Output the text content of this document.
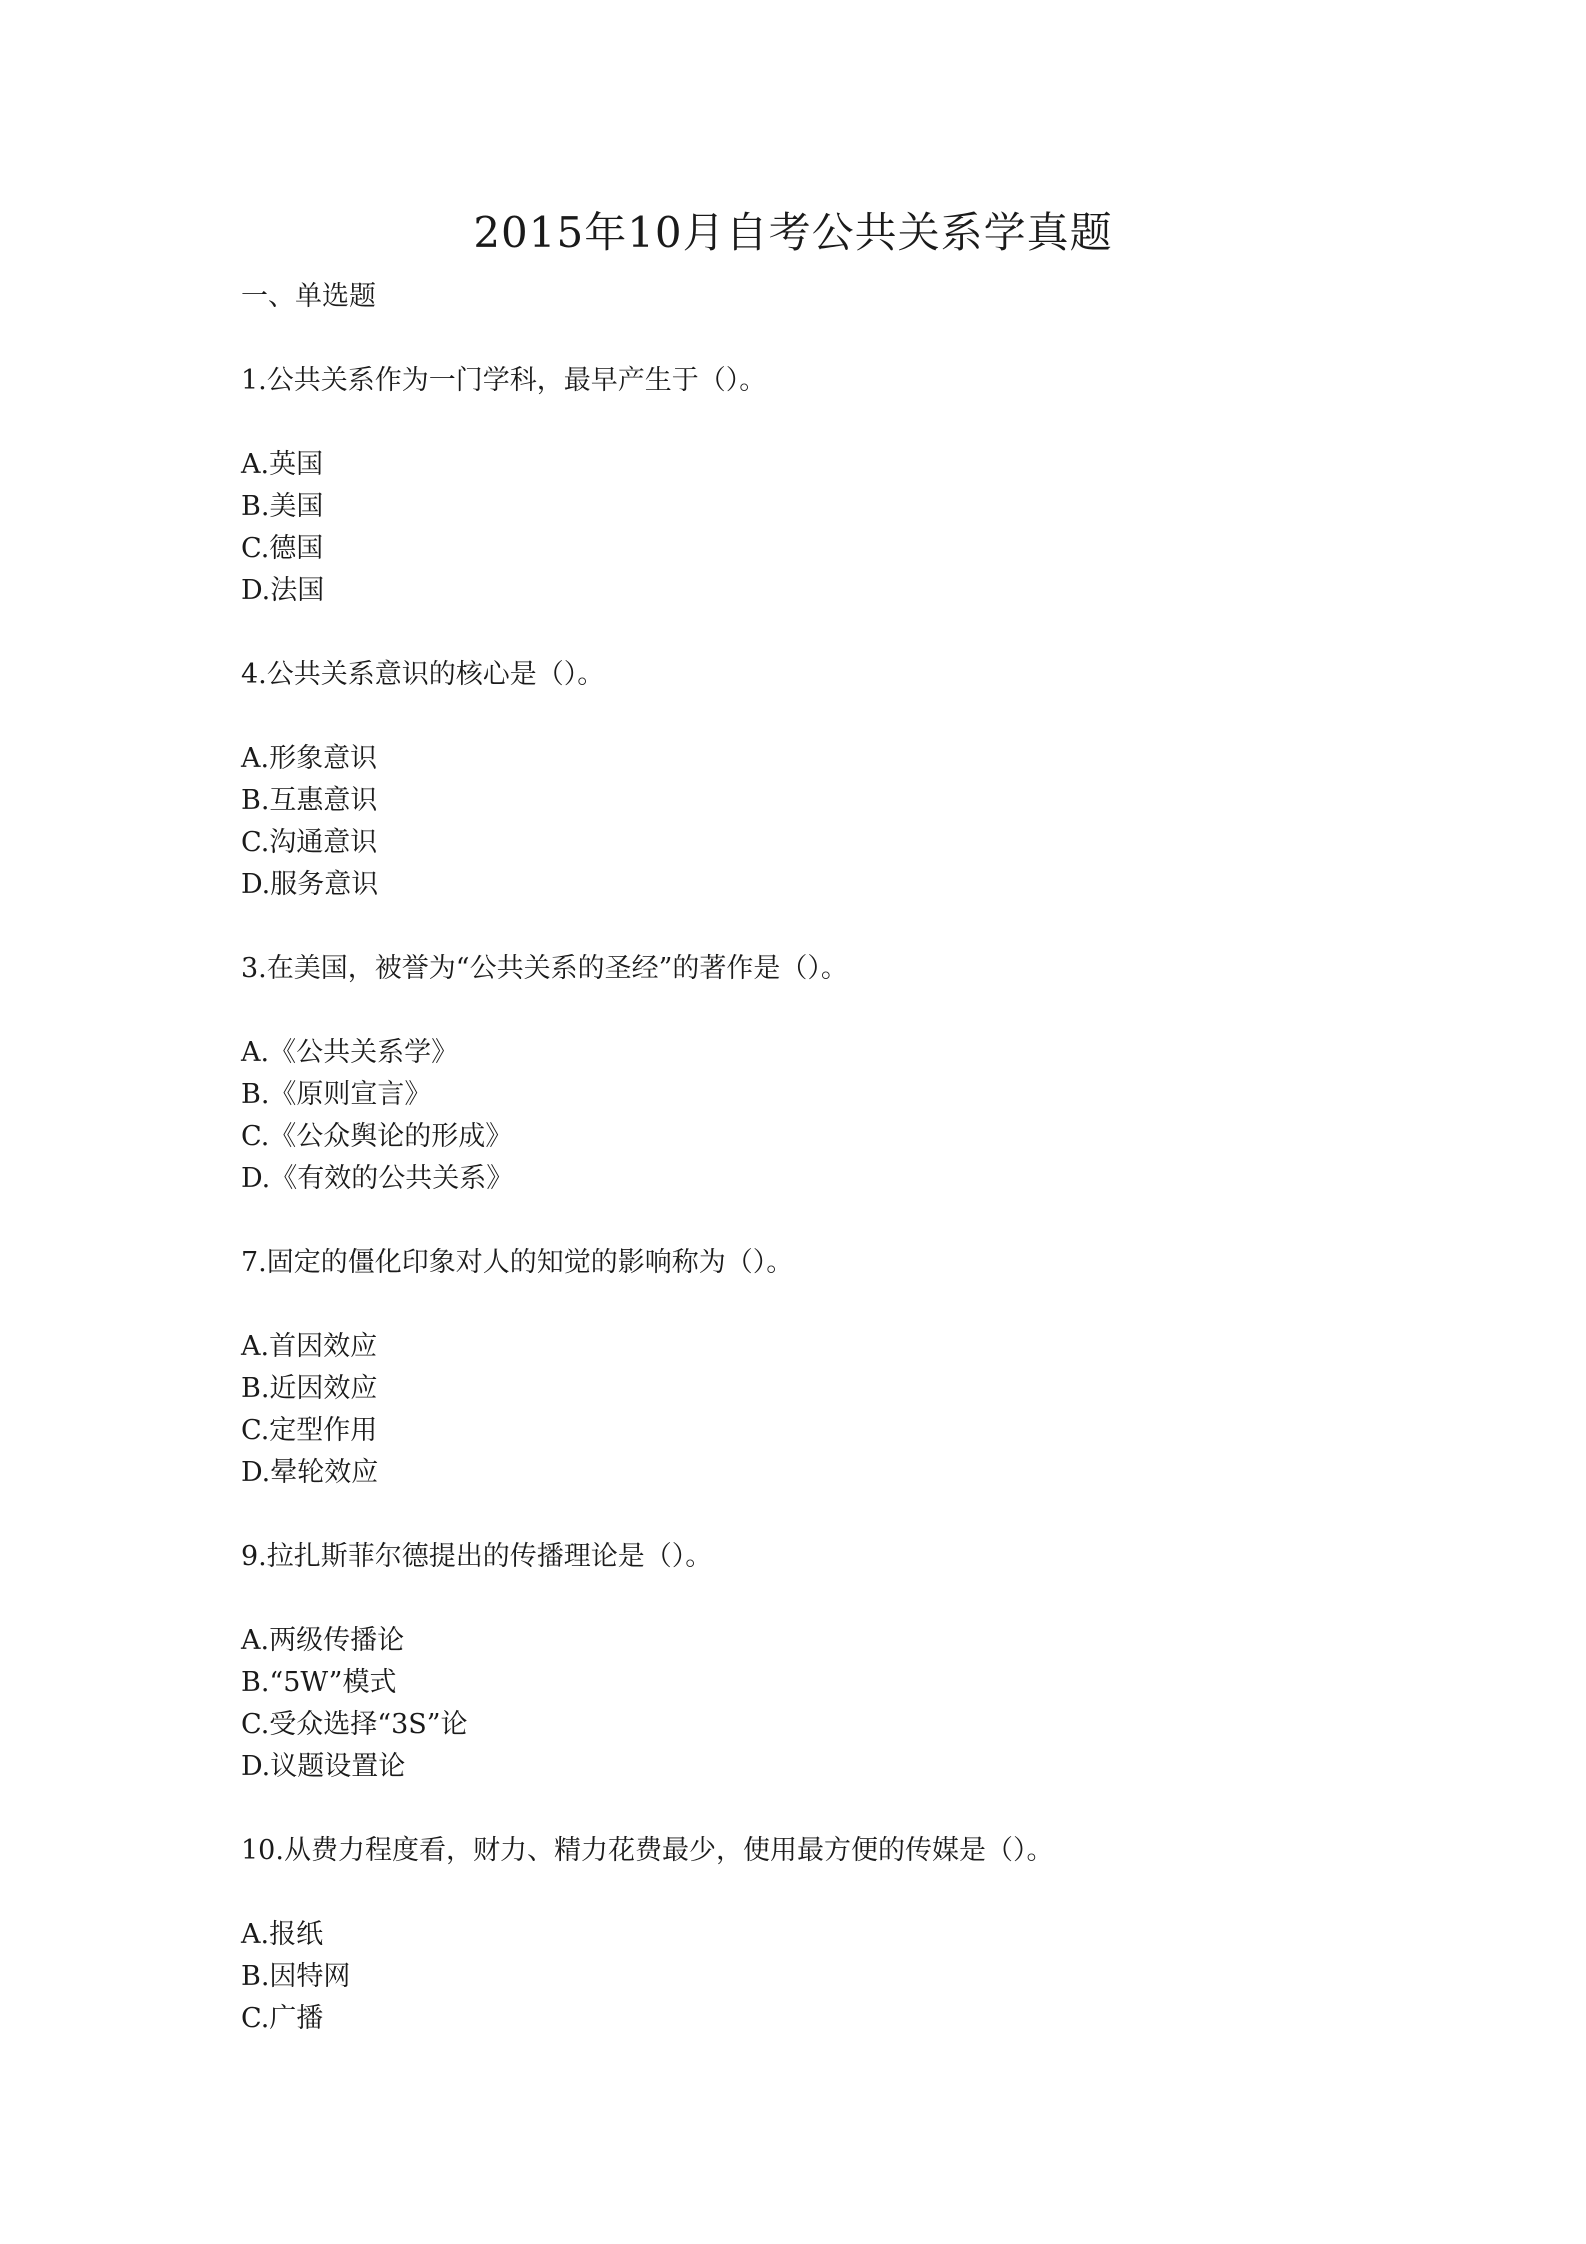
2015年10月自考公共关系学真题
一、单选题
1.公共关系作为一门学科，最早产生于（）。
A.英国
B.美国
C.德国
D.法国
4.公共关系意识的核心是（）。
A.形象意识
B.互惠意识
C.沟通意识
D.服务意识
3.在美国，被誉为“公共关系的圣经”的著作是（）。
A.《公共关系学》
B.《原则宣言》
C.《公众舆论的形成》
D.《有效的公共关系》
7.固定的僵化印象对人的知觉的影响称为（）。
A.首因效应
B.近因效应
C.定型作用
D.晕轮效应
9.拉扎斯菲尔德提出的传播理论是（）。
A.两级传播论
B.“5W”模式
C.受众选择“3S”论
D.议题设置论
10.从费力程度看，财力、精力花费最少，使用最方便的传媒是（）。
A.报纸
B.因特网
C.广播
